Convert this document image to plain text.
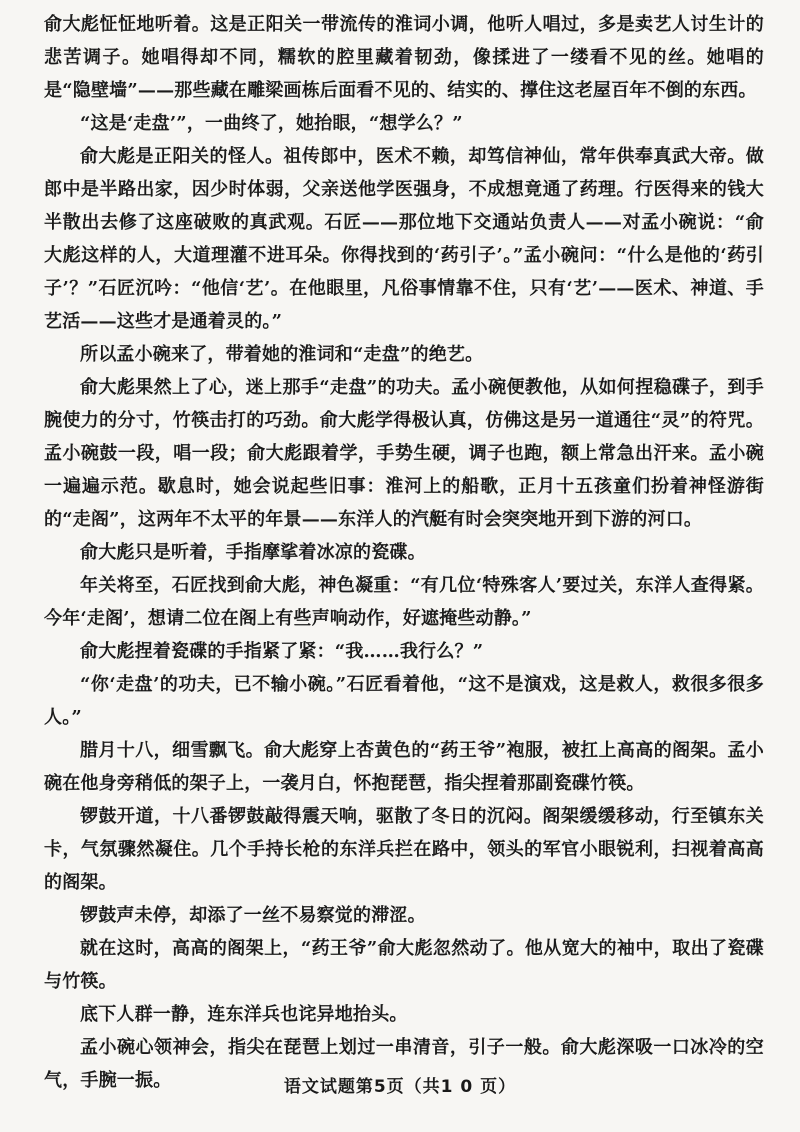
俞大彪怔怔地听着。这是正阳关一带流传的淮词小调，他听人唱过，多是卖艺人讨生计的悲苦调子。她唱得却不同，糯软的腔里藏着韧劲，像揉进了一缕看不见的丝。她唱的是“隐壁墙”——那些藏在雕梁画栋后面看不见的、结实的、撑住这老屋百年不倒的东西。

“这是‘走盘’”，一曲终了，她抬眼，“想学么？”

俞大彪是正阳关的怪人。祖传郎中，医术不赖，却笃信神仙，常年供奉真武大帝。做郎中是半路出家，因少时体弱，父亲送他学医强身，不成想竟通了药理。行医得来的钱大半散出去修了这座破败的真武观。石匠——那位地下交通站负责人——对孟小碗说：“俞大彪这样的人，大道理灌不进耳朵。你得找到的‘药引子’。”孟小碗问：“什么是他的‘药引子’？”石匠沉吟：“他信‘艺’。在他眼里，凡俗事情靠不住，只有‘艺’——医术、神道、手艺活——这些才是通着灵的。”

所以孟小碗来了，带着她的淮词和“走盘”的绝艺。

俞大彪果然上了心，迷上那手“走盘”的功夫。孟小碗便教他，从如何捏稳碟子，到手腕使力的分寸，竹筷击打的巧劲。俞大彪学得极认真，仿佛这是另一道通往“灵”的符咒。孟小碗鼓一段，唱一段；俞大彪跟着学，手势生硬，调子也跑，额上常急出汗来。孟小碗一遍遍示范。歇息时，她会说起些旧事：淮河上的船歌，正月十五孩童们扮着神怪游街的“走阁”，这两年不太平的年景——东洋人的汽艇有时会突突地开到下游的河口。

俞大彪只是听着，手指摩挲着冰凉的瓷碟。

年关将至，石匠找到俞大彪，神色凝重：“有几位‘特殊客人’要过关，东洋人查得紧。今年‘走阁’，想请二位在阁上有些声响动作，好遮掩些动静。”

俞大彪捏着瓷碟的手指紧了紧：“我……我行么？”

“你‘走盘’的功夫，已不输小碗。”石匠看着他，“这不是演戏，这是救人，救很多很多人。”

腊月十八，细雪飘飞。俞大彪穿上杏黄色的“药王爷”袍服，被扛上高高的阁架。孟小碗在他身旁稍低的架子上，一袭月白，怀抱琵琶，指尖捏着那副瓷碟竹筷。

锣鼓开道，十八番锣鼓敲得震天响，驱散了冬日的沉闷。阁架缓缓移动，行至镇东关卡，气氛骤然凝住。几个手持长枪的东洋兵拦在路中，领头的军官小眼锐利，扫视着高高的阁架。

锣鼓声未停，却添了一丝不易察觉的滞涩。

就在这时，高高的阁架上，“药王爷”俞大彪忽然动了。他从宽大的袖中，取出了瓷碟与竹筷。

底下人群一静，连东洋兵也诧异地抬头。

孟小碗心领神会，指尖在琵琶上划过一串清音，引子一般。俞大彪深吸一口冰冷的空气，手腕一振。	语文试题第5页（共1 0 页）
